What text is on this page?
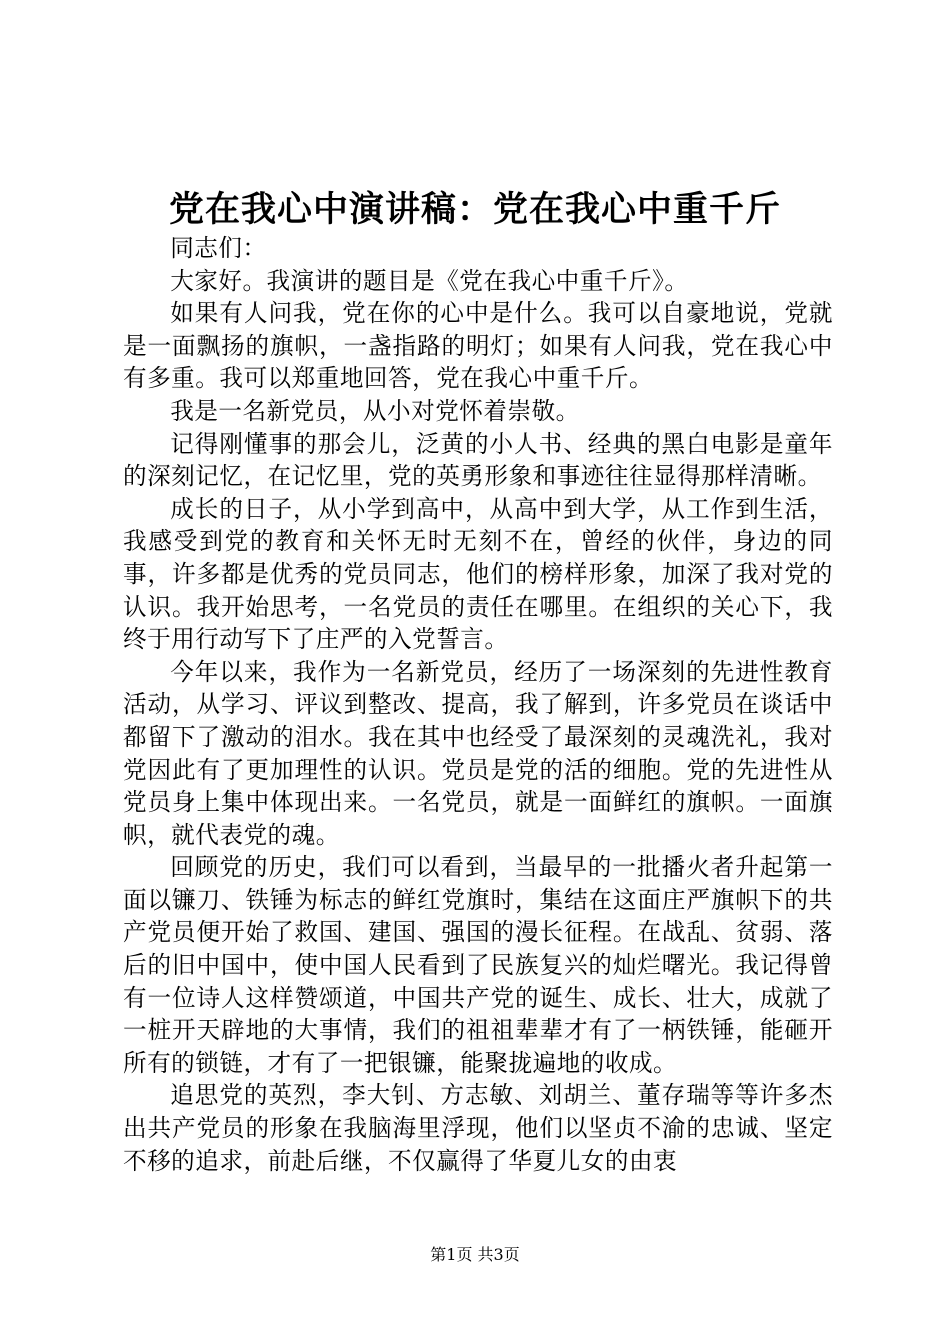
党在我心中演讲稿：党在我心中重千斤

同志们：

大家好。我演讲的题目是《党在我心中重千斤》。

如果有人问我，党在你的心中是什么。我可以自豪地说，党就是一面飘扬的旗帜，一盏指路的明灯；如果有人问我，党在我心中有多重。我可以郑重地回答，党在我心中重千斤。

我是一名新党员，从小对党怀着崇敬。

记得刚懂事的那会儿，泛黄的小人书、经典的黑白电影是童年的深刻记忆，在记忆里，党的英勇形象和事迹往往显得那样清晰。

成长的日子，从小学到高中，从高中到大学，从工作到生活，我感受到党的教育和关怀无时无刻不在，曾经的伙伴，身边的同事，许多都是优秀的党员同志，他们的榜样形象，加深了我对党的认识。我开始思考，一名党员的责任在哪里。在组织的关心下，我终于用行动写下了庄严的入党誓言。

今年以来，我作为一名新党员，经历了一场深刻的先进性教育活动，从学习、评议到整改、提高，我了解到，许多党员在谈话中都留下了激动的泪水。我在其中也经受了最深刻的灵魂洗礼，我对党因此有了更加理性的认识。党员是党的活的细胞。党的先进性从党员身上集中体现出来。一名党员，就是一面鲜红的旗帜。一面旗帜，就代表党的魂。

回顾党的历史，我们可以看到，当最早的一批播火者升起第一面以镰刀、铁锤为标志的鲜红党旗时，集结在这面庄严旗帜下的共产党员便开始了救国、建国、强国的漫长征程。在战乱、贫弱、落后的旧中国中，使中国人民看到了民族复兴的灿烂曙光。我记得曾有一位诗人这样赞颂道，中国共产党的诞生、成长、壮大，成就了一桩开天辟地的大事情，我们的祖祖辈辈才有了一柄铁锤，能砸开所有的锁链，才有了一把银镰，能聚拢遍地的收成。

追思党的英烈，李大钊、方志敏、刘胡兰、董存瑞等等许多杰出共产党员的形象在我脑海里浮现，他们以坚贞不渝的忠诚、坚定不移的追求，前赴后继，不仅赢得了华夏儿女的由衷

第1页 共3页
